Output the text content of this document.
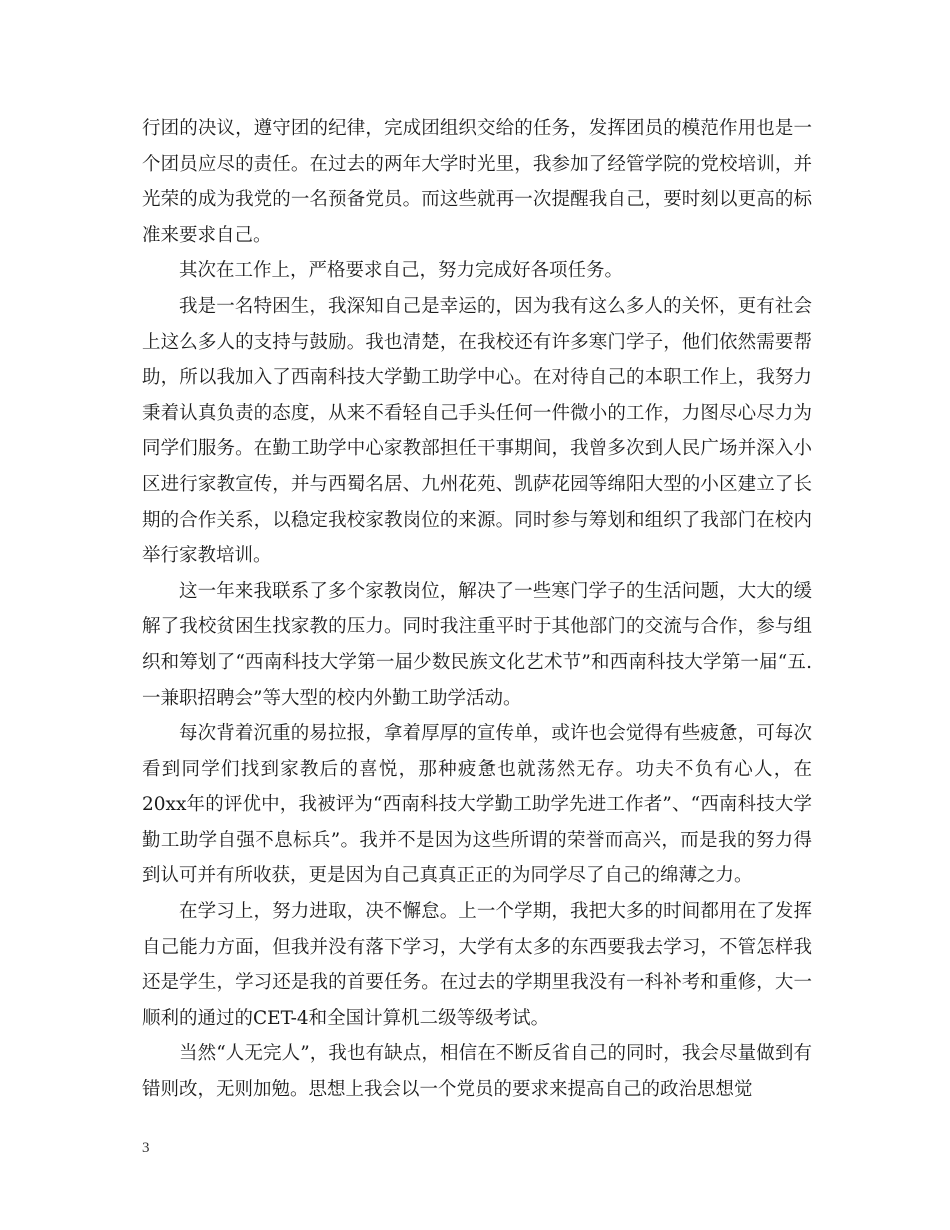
行团的决议，遵守团的纪律，完成团组织交给的任务，发挥团员的模范作用也是一个团员应尽的责任。在过去的两年大学时光里，我参加了经管学院的党校培训，并光荣的成为我党的一名预备党员。而这些就再一次提醒我自己，要时刻以更高的标准来要求自己。

其次在工作上，严格要求自己，努力完成好各项任务。

我是一名特困生，我深知自己是幸运的，因为我有这么多人的关怀，更有社会上这么多人的支持与鼓励。我也清楚，在我校还有许多寒门学子，他们依然需要帮助，所以我加入了西南科技大学勤工助学中心。在对待自己的本职工作上，我努力秉着认真负责的态度，从来不看轻自己手头任何一件微小的工作，力图尽心尽力为同学们服务。在勤工助学中心家教部担任干事期间，我曾多次到人民广场并深入小区进行家教宣传，并与西蜀名居、九州花苑、凯萨花园等绵阳大型的小区建立了长期的合作关系，以稳定我校家教岗位的来源。同时参与筹划和组织了我部门在校内举行家教培训。

这一年来我联系了多个家教岗位，解决了一些寒门学子的生活问题，大大的缓解了我校贫困生找家教的压力。同时我注重平时于其他部门的交流与合作，参与组织和筹划了“西南科技大学第一届少数民族文化艺术节”和西南科技大学第一届“五.一兼职招聘会”等大型的校内外勤工助学活动。

每次背着沉重的易拉报，拿着厚厚的宣传单，或许也会觉得有些疲惫，可每次看到同学们找到家教后的喜悦，那种疲惫也就荡然无存。功夫不负有心人，在20xx年的评优中，我被评为“西南科技大学勤工助学先进工作者”、“西南科技大学勤工助学自强不息标兵”。我并不是因为这些所谓的荣誉而高兴，而是我的努力得到认可并有所收获，更是因为自己真真正正的为同学尽了自己的绵薄之力。

在学习上，努力进取，决不懈怠。上一个学期，我把大多的时间都用在了发挥自己能力方面，但我并没有落下学习，大学有太多的东西要我去学习，不管怎样我还是学生，学习还是我的首要任务。在过去的学期里我没有一科补考和重修，大一顺利的通过的CET-4和全国计算机二级等级考试。

当然“人无完人”，我也有缺点，相信在不断反省自己的同时，我会尽量做到有错则改，无则加勉。思想上我会以一个党员的要求来提高自己的政治思想觉

3
